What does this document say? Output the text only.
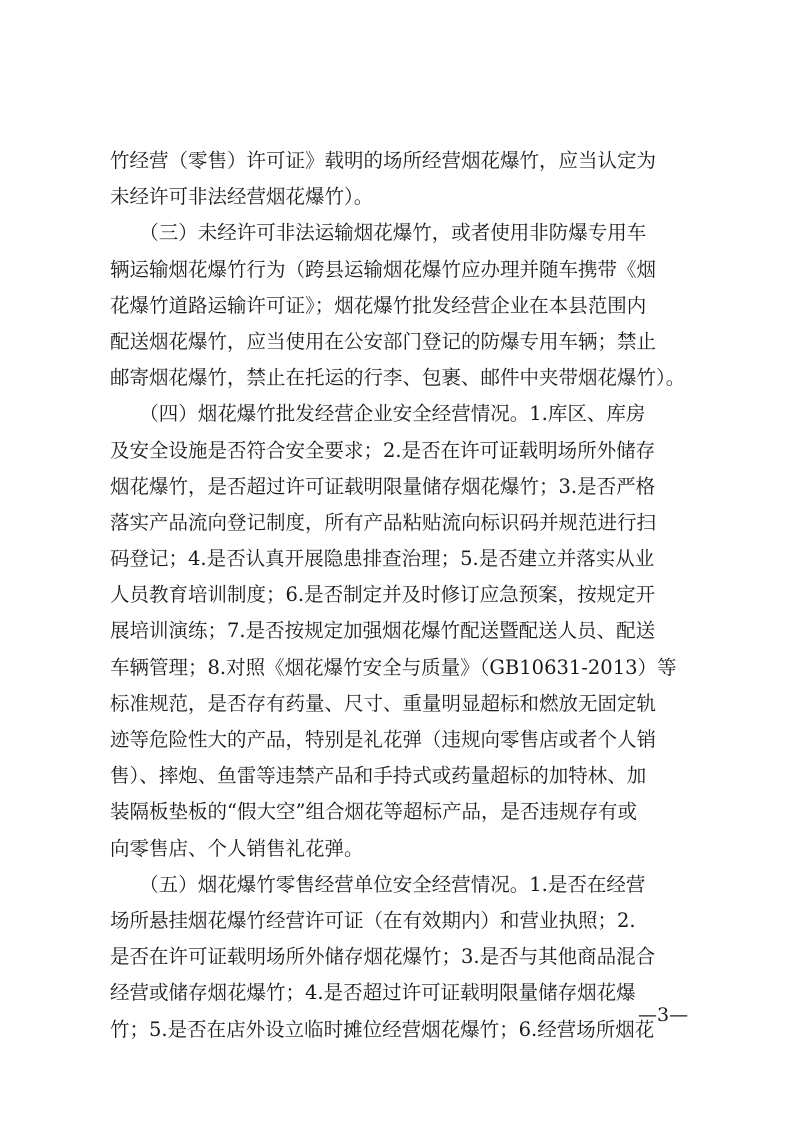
竹经营（零售）许可证》载明的场所经营烟花爆竹，应当认定为
未经许可非法经营烟花爆竹）。
　　（三）未经许可非法运输烟花爆竹，或者使用非防爆专用车
辆运输烟花爆竹行为（跨县运输烟花爆竹应办理并随车携带《烟
花爆竹道路运输许可证》；烟花爆竹批发经营企业在本县范围内
配送烟花爆竹，应当使用在公安部门登记的防爆专用车辆；禁止
邮寄烟花爆竹，禁止在托运的行李、包裹、邮件中夹带烟花爆竹）。
　　（四）烟花爆竹批发经营企业安全经营情况。1.库区、库房
及安全设施是否符合安全要求；2.是否在许可证载明场所外储存
烟花爆竹，是否超过许可证载明限量储存烟花爆竹；3.是否严格
落实产品流向登记制度，所有产品粘贴流向标识码并规范进行扫
码登记；4.是否认真开展隐患排查治理；5.是否建立并落实从业
人员教育培训制度；6.是否制定并及时修订应急预案，按规定开
展培训演练；7.是否按规定加强烟花爆竹配送暨配送人员、配送
车辆管理；8.对照《烟花爆竹安全与质量》（GB10631-2013）等
标准规范，是否存有药量、尺寸、重量明显超标和燃放无固定轨
迹等危险性大的产品，特别是礼花弹（违规向零售店或者个人销
售）、摔炮、鱼雷等违禁产品和手持式或药量超标的加特林、加
装隔板垫板的“假大空”组合烟花等超标产品，是否违规存有或
向零售店、个人销售礼花弹。
　　（五）烟花爆竹零售经营单位安全经营情况。1.是否在经营
场所悬挂烟花爆竹经营许可证（在有效期内）和营业执照；2.
是否在许可证载明场所外储存烟花爆竹；3.是否与其他商品混合
经营或储存烟花爆竹；4.是否超过许可证载明限量储存烟花爆
竹；5.是否在店外设立临时摊位经营烟花爆竹；6.经营场所烟花
—3—
